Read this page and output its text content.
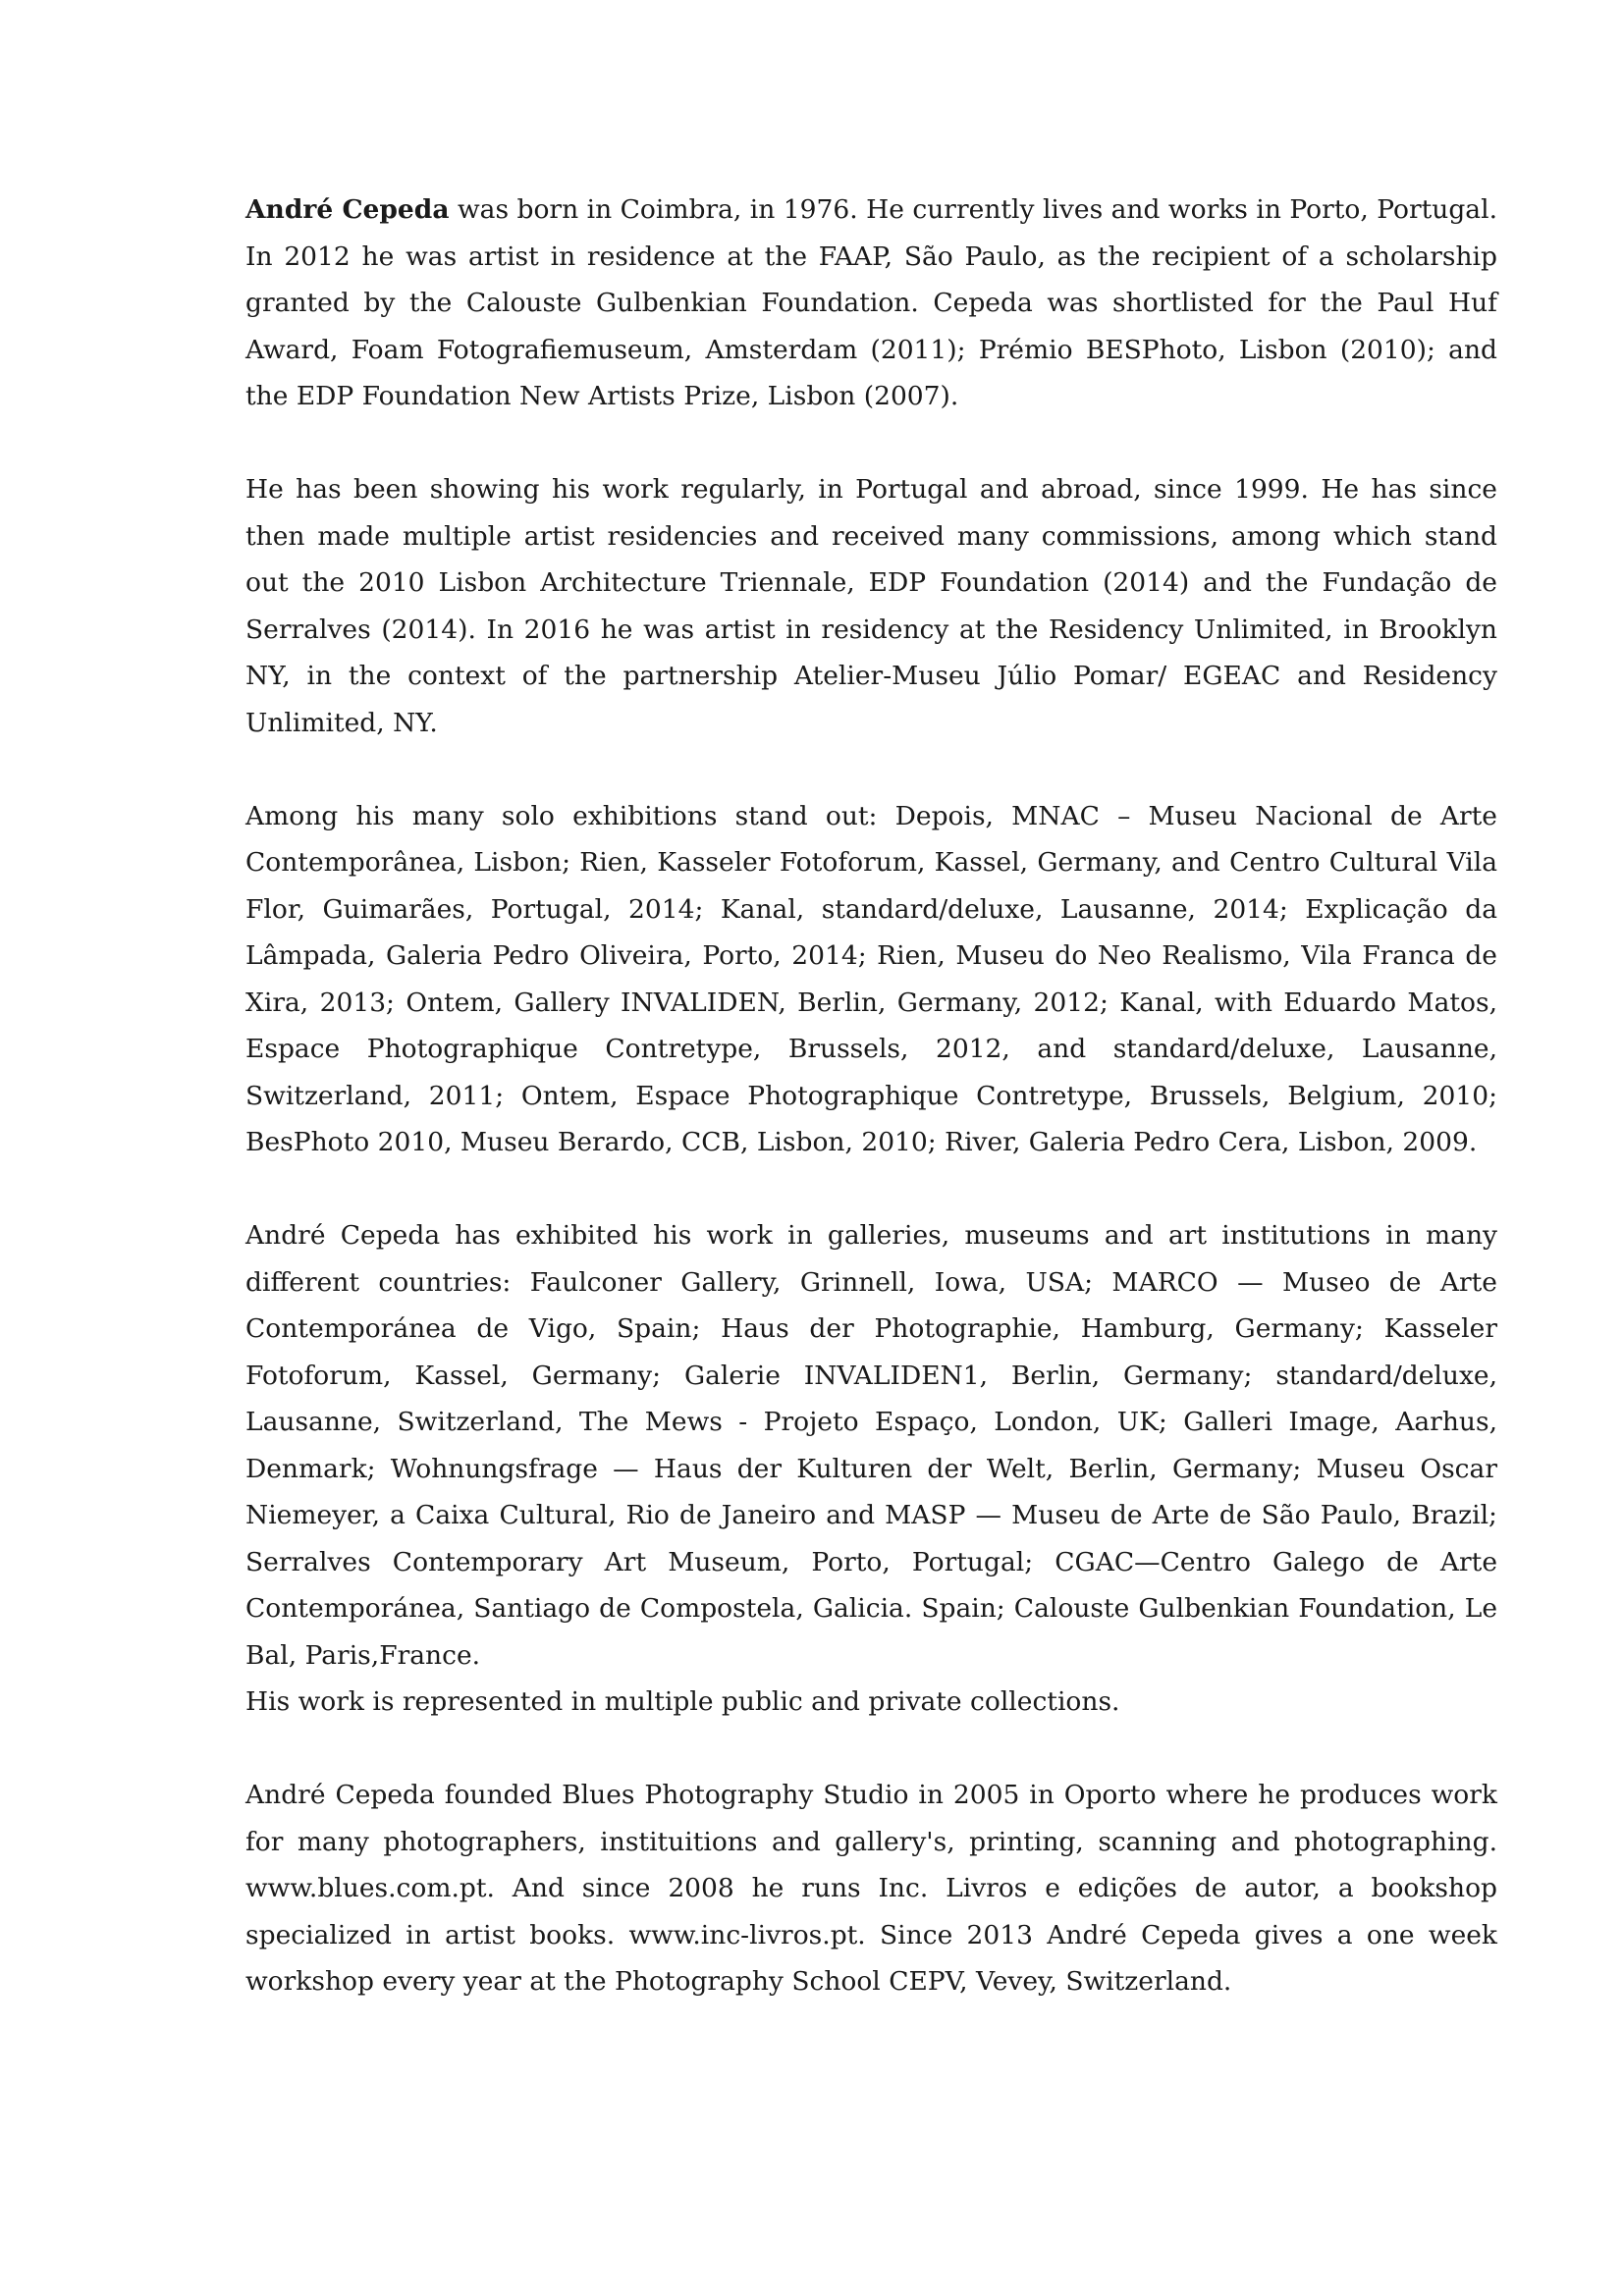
André Cepeda was born in Coimbra, in 1976. He currently lives and works in Porto, Portugal. In 2012 he was artist in residence at the FAAP, São Paulo, as the recipient of a scholarship granted by the Calouste Gulbenkian Foundation. Cepeda was shortlisted for the Paul Huf Award, Foam Fotografiemuseum, Amsterdam (2011); Prémio BESPhoto, Lisbon (2010); and the EDP Foundation New Artists Prize, Lisbon (2007).

He has been showing his work regularly, in Portugal and abroad, since 1999. He has since then made multiple artist residencies and received many commissions, among which stand out the 2010 Lisbon Architecture Triennale, EDP Foundation (2014) and the Fundação de Serralves (2014). In 2016 he was artist in residency at the Residency Unlimited, in Brooklyn NY, in the context of the partnership Atelier-Museu Júlio Pomar/ EGEAC and Residency Unlimited, NY.

Among his many solo exhibitions stand out: Depois, MNAC – Museu Nacional de Arte Contemporânea, Lisbon; Rien, Kasseler Fotoforum, Kassel, Germany, and Centro Cultural Vila Flor, Guimarães, Portugal, 2014; Kanal, standard/deluxe, Lausanne, 2014; Explicação da Lâmpada, Galeria Pedro Oliveira, Porto, 2014; Rien, Museu do Neo Realismo, Vila Franca de Xira, 2013; Ontem, Gallery INVALIDEN, Berlin, Germany, 2012; Kanal, with Eduardo Matos, Espace Photographique Contretype, Brussels, 2012, and standard/deluxe, Lausanne, Switzerland, 2011; Ontem, Espace Photographique Contretype, Brussels, Belgium, 2010; BesPhoto 2010, Museu Berardo, CCB, Lisbon, 2010; River, Galeria Pedro Cera, Lisbon, 2009.

André Cepeda has exhibited his work in galleries, museums and art institutions in many different countries: Faulconer Gallery, Grinnell, Iowa, USA; MARCO — Museo de Arte Contemporánea de Vigo, Spain; Haus der Photographie, Hamburg, Germany; Kasseler Fotoforum, Kassel, Germany; Galerie INVALIDEN1, Berlin, Germany; standard/deluxe, Lausanne, Switzerland, The Mews - Projeto Espaço, London, UK; Galleri Image, Aarhus, Denmark; Wohnungsfrage — Haus der Kulturen der Welt, Berlin, Germany; Museu Oscar Niemeyer, a Caixa Cultural, Rio de Janeiro and MASP — Museu de Arte de São Paulo, Brazil; Serralves Contemporary Art Museum, Porto, Portugal; CGAC—Centro Galego de Arte Contemporánea, Santiago de Compostela, Galicia. Spain; Calouste Gulbenkian Foundation, Le Bal, Paris,France.

His work is represented in multiple public and private collections.

André Cepeda founded Blues Photography Studio in 2005 in Oporto where he produces work for many photographers, instituitions and gallery's, printing, scanning and photographing. www.blues.com.pt. And since 2008 he runs Inc. Livros e edições de autor, a bookshop specialized in artist books. www.inc-livros.pt. Since 2013 André Cepeda gives a one week workshop every year at the Photography School CEPV, Vevey, Switzerland.
